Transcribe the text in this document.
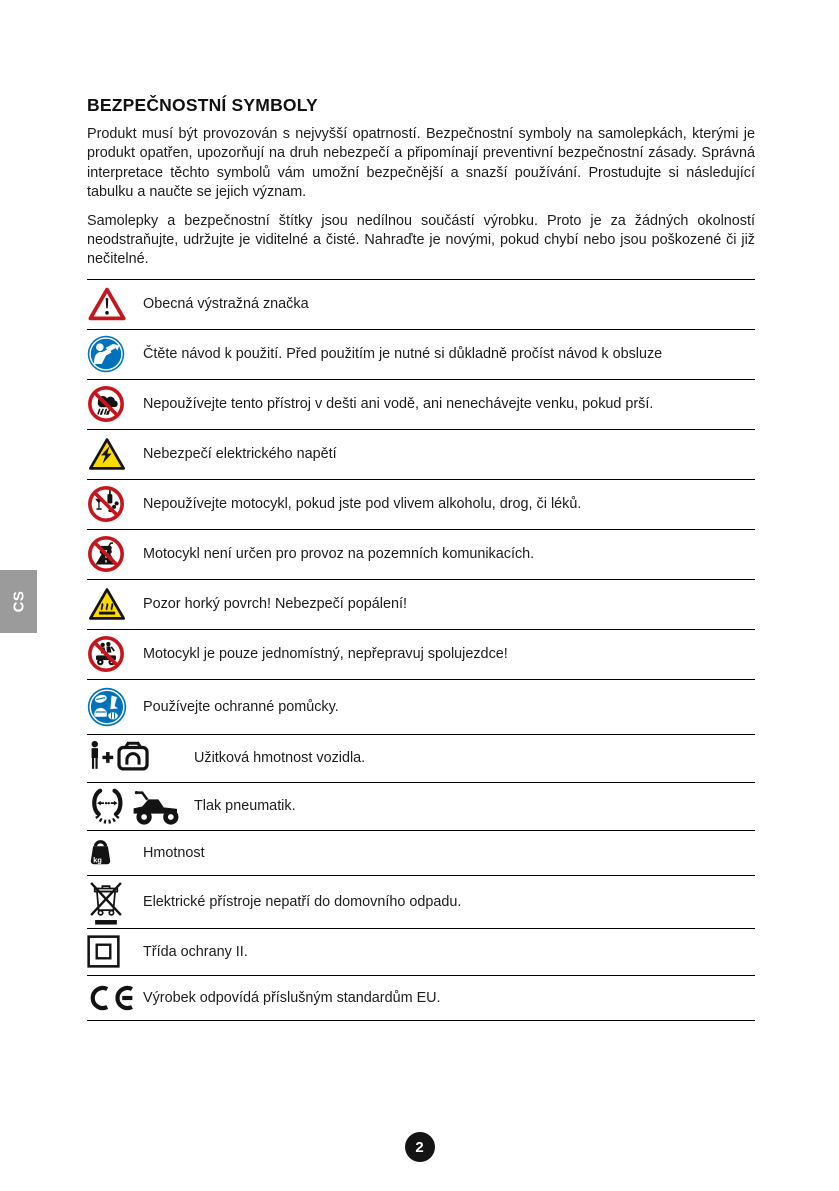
CS
BEZPEČNOSTNÍ SYMBOLY

Produkt musí být provozován s nejvyšší opatrností. Bezpečnostní symboly na samolepkách, kterými je produkt opatřen, upozorňují na druh nebezpečí a připomínají preventivní bezpečnostní zásady. Správná interpretace těchto symbolů vám umožní bezpečnější a snazší používání. Prostudujte si následující tabulku a naučte se jejich význam.

Samolepky a bezpečnostní štítky jsou nedílnou součástí výrobku. Proto je za žádných okolností neodstraňujte, udržujte je viditelné a čisté. Nahraďte je novými, pokud chybí nebo jsou poškozené či již nečitelné.

Obecná výstražná značka
Čtěte návod k použití. Před použitím je nutné si důkladně pročíst návod k obsluze
Nepoužívejte tento přístroj v dešti ani vodě, ani nenechávejte venku, pokud prší.
Nebezpečí elektrického napětí
Nepoužívejte motocykl, pokud jste pod vlivem alkoholu, drog, či léků.
Motocykl není určen pro provoz na pozemních komunikacích.
Pozor horký povrch! Nebezpečí popálení!
Motocykl je pouze jednomístný, nepřepravuj spolujezdce!
Používejte ochranné pomůcky.
Užitková hmotnost vozidla.
Tlak pneumatik.
kg	Hmotnost
Elektrické přístroje nepatří do domovního odpadu.
Třída ochrany II.
Výrobek odpovídá příslušným standardům EU.
2
